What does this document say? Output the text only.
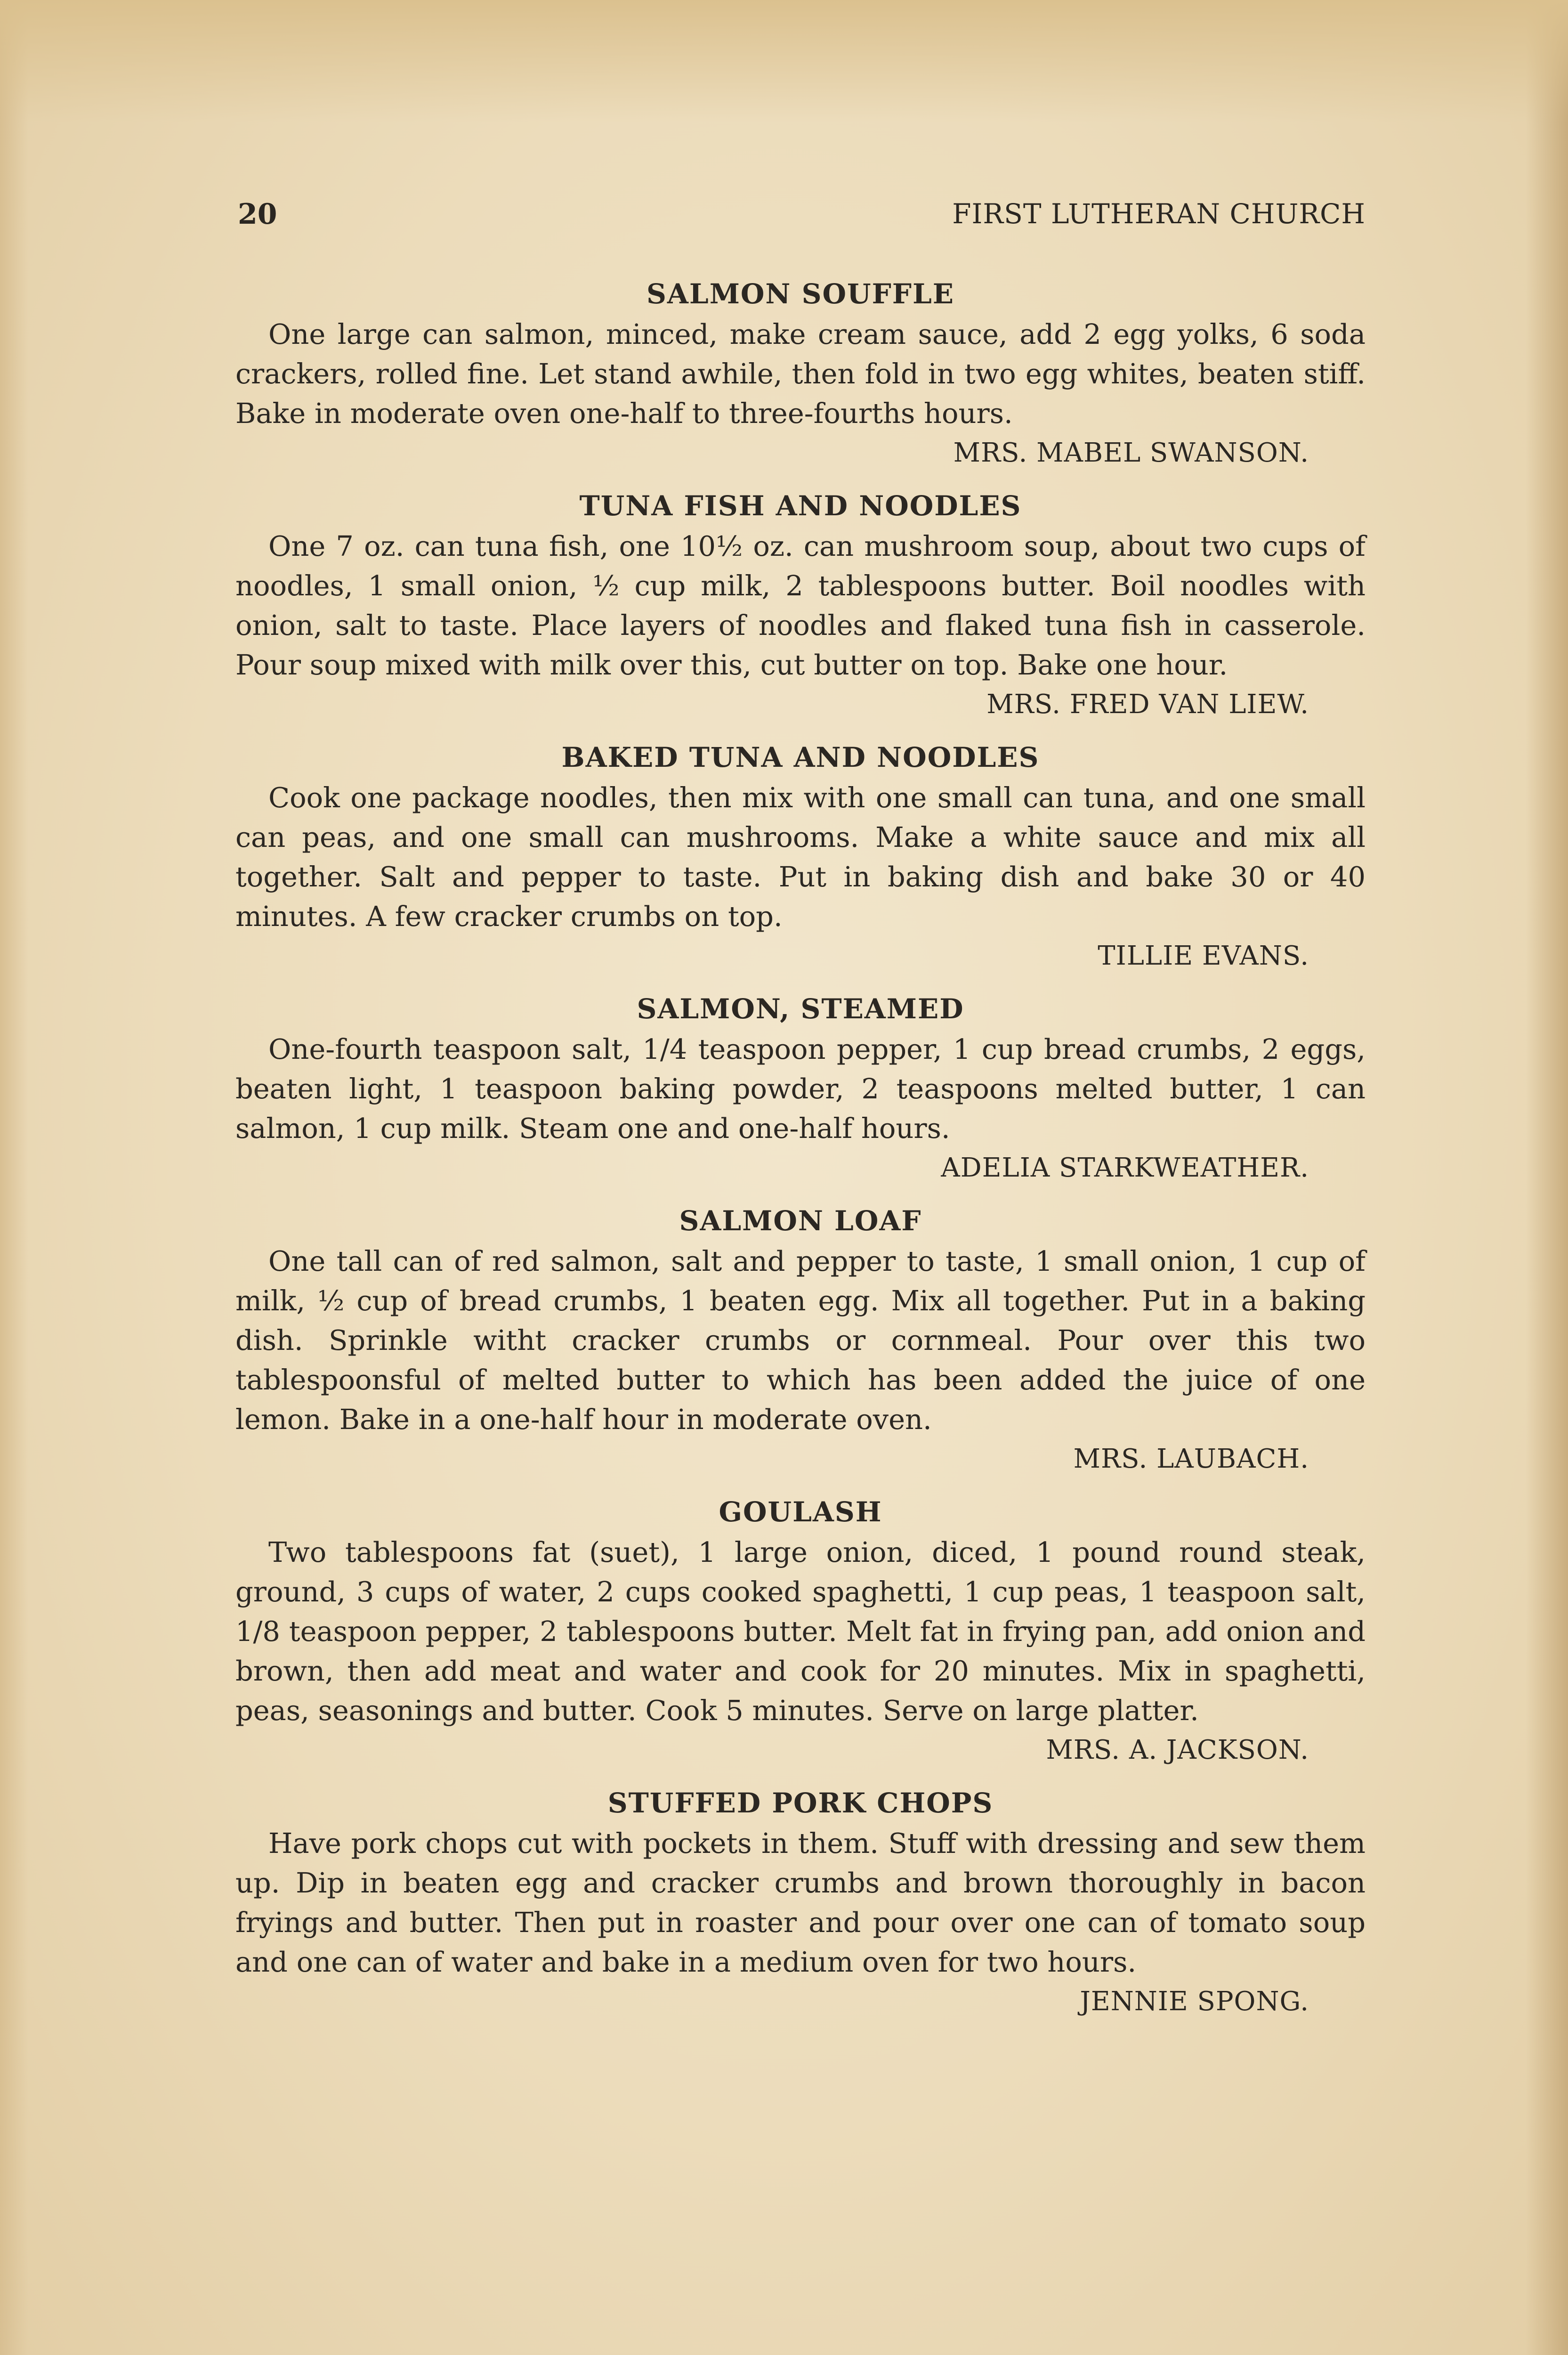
20	FIRST LUTHERAN CHURCH

SALMON SOUFFLE

One large can salmon, minced, make cream sauce, add 2 egg yolks, 6 soda crackers, rolled fine. Let stand awhile, then fold in two egg whites, beaten stiff. Bake in moderate oven one-half to three-fourths hours.

MRS. MABEL SWANSON.

TUNA FISH AND NOODLES

One 7 oz. can tuna fish, one 10½ oz. can mushroom soup, about two cups of noodles, 1 small onion, ½ cup milk, 2 tablespoons butter. Boil noodles with onion, salt to taste. Place layers of noodles and flaked tuna fish in casserole. Pour soup mixed with milk over this, cut butter on top. Bake one hour.

MRS. FRED VAN LIEW.

BAKED TUNA AND NOODLES

Cook one package noodles, then mix with one small can tuna, and one small can peas, and one small can mushrooms. Make a white sauce and mix all together. Salt and pepper to taste. Put in baking dish and bake 30 or 40 minutes. A few cracker crumbs on top.

TILLIE EVANS.

SALMON, STEAMED

One-fourth teaspoon salt, 1/4 teaspoon pepper, 1 cup bread crumbs, 2 eggs, beaten light, 1 teaspoon baking powder, 2 teaspoons melted butter, 1 can salmon, 1 cup milk. Steam one and one-half hours.

ADELIA STARKWEATHER.

SALMON LOAF

One tall can of red salmon, salt and pepper to taste, 1 small onion, 1 cup of milk, ½ cup of bread crumbs, 1 beaten egg. Mix all together. Put in a baking dish. Sprinkle witht cracker crumbs or cornmeal. Pour over this two tablespoonsful of melted butter to which has been added the juice of one lemon. Bake in a one-half hour in moderate oven.

MRS. LAUBACH.

GOULASH

Two tablespoons fat (suet), 1 large onion, diced, 1 pound round steak, ground, 3 cups of water, 2 cups cooked spaghetti, 1 cup peas, 1 teaspoon salt, 1/8 teaspoon pepper, 2 tablespoons butter. Melt fat in frying pan, add onion and brown, then add meat and water and cook for 20 minutes. Mix in spaghetti, peas, seasonings and butter. Cook 5 minutes. Serve on large platter.

MRS. A. JACKSON.

STUFFED PORK CHOPS

Have pork chops cut with pockets in them. Stuff with dressing and sew them up. Dip in beaten egg and cracker crumbs and brown thoroughly in bacon fryings and butter. Then put in roaster and pour over one can of tomato soup and one can of water and bake in a medium oven for two hours.

JENNIE SPONG.
